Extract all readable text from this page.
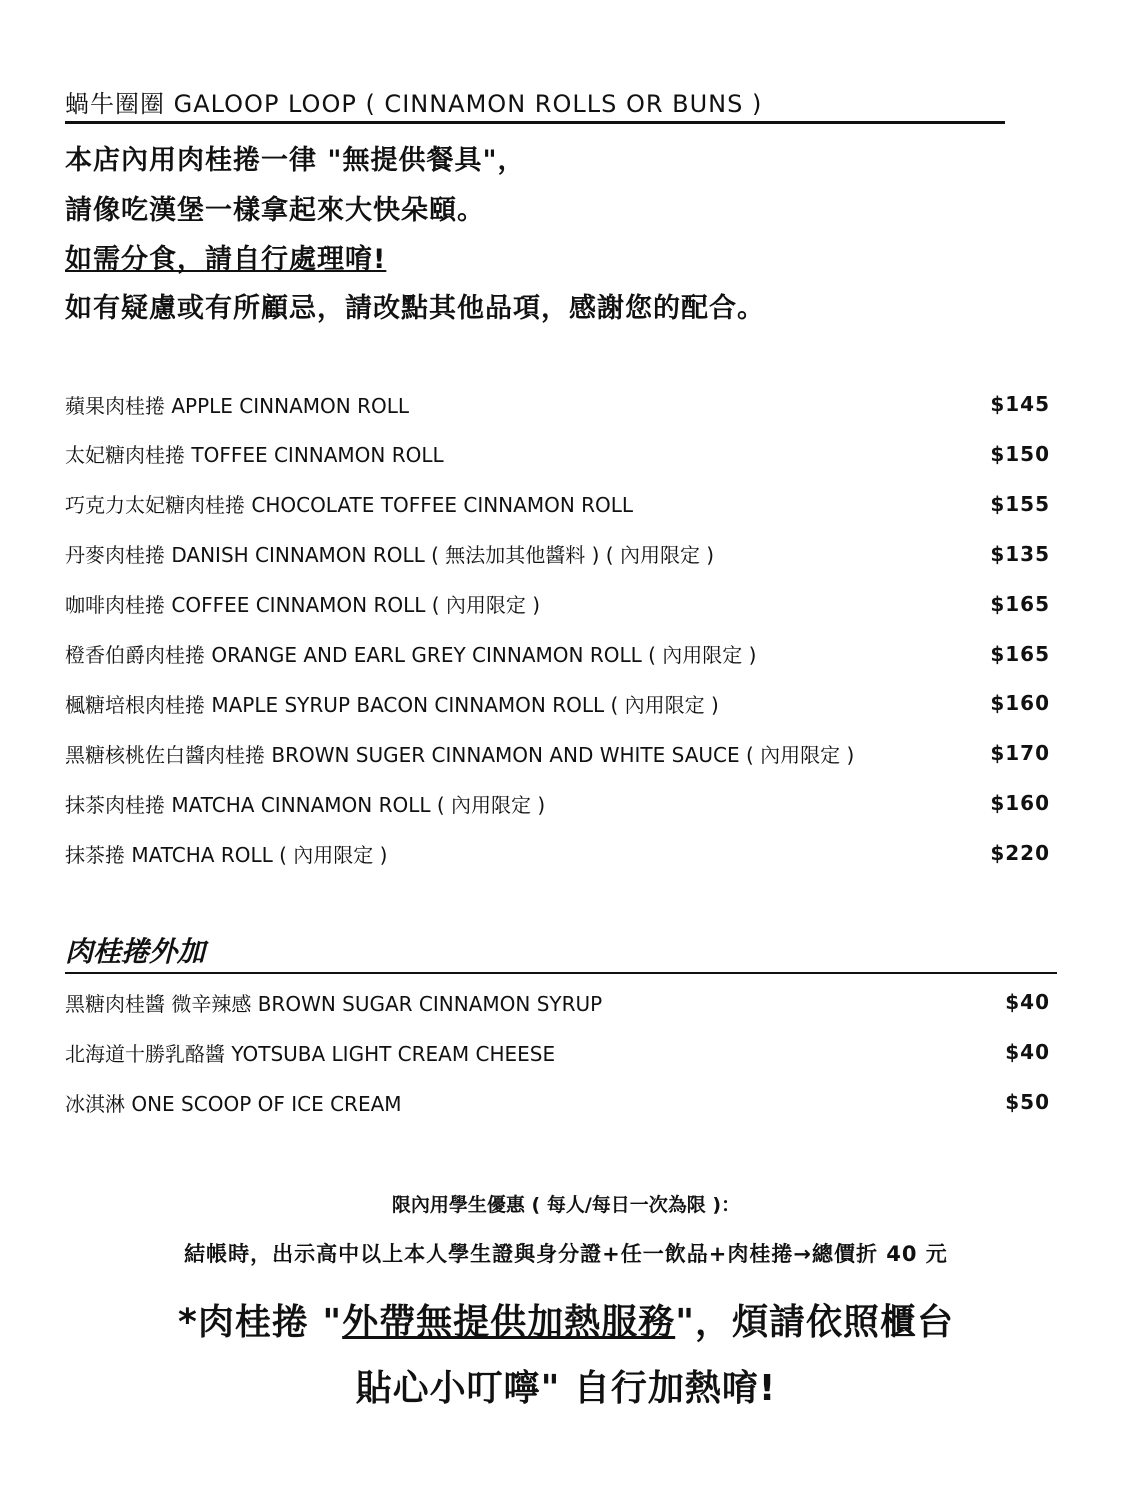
蝸牛圈圈 GALOOP LOOP ( CINNAMON ROLLS OR BUNS )
本店內用肉桂捲一律 "無提供餐具"，
請像吃漢堡一樣拿起來大快朵頤。
如需分食，請自行處理唷!
如有疑慮或有所顧忌，請改點其他品項，感謝您的配合。
蘋果肉桂捲 APPLE CINNAMON ROLL	$145
太妃糖肉桂捲 TOFFEE CINNAMON ROLL	$150
巧克力太妃糖肉桂捲 CHOCOLATE TOFFEE CINNAMON ROLL	$155
丹麥肉桂捲 DANISH CINNAMON ROLL ( 無法加其他醬料 ) ( 內用限定 )	$135
咖啡肉桂捲 COFFEE CINNAMON ROLL ( 內用限定 )	$165
橙香伯爵肉桂捲 ORANGE AND EARL GREY CINNAMON ROLL ( 內用限定 )	$165
楓糖培根肉桂捲 MAPLE SYRUP BACON CINNAMON ROLL ( 內用限定 )	$160
黑糖核桃佐白醬肉桂捲 BROWN SUGER CINNAMON AND WHITE SAUCE ( 內用限定 )	$170
抹茶肉桂捲 MATCHA CINNAMON ROLL ( 內用限定 )	$160
抹茶捲 MATCHA ROLL ( 內用限定 )	$220
肉桂捲外加
黑糖肉桂醬 微辛辣感 BROWN SUGAR CINNAMON SYRUP	$40
北海道十勝乳酪醬 YOTSUBA LIGHT CREAM CHEESE	$40
冰淇淋 ONE SCOOP OF ICE CREAM	$50
限內用學生優惠 ( 每人/每日一次為限 )：
結帳時，出示高中以上本人學生證與身分證+任一飲品+肉桂捲→總價折 40 元
*肉桂捲 "外帶無提供加熱服務"，煩請依照櫃台
貼心小叮嚀" 自行加熱唷!
